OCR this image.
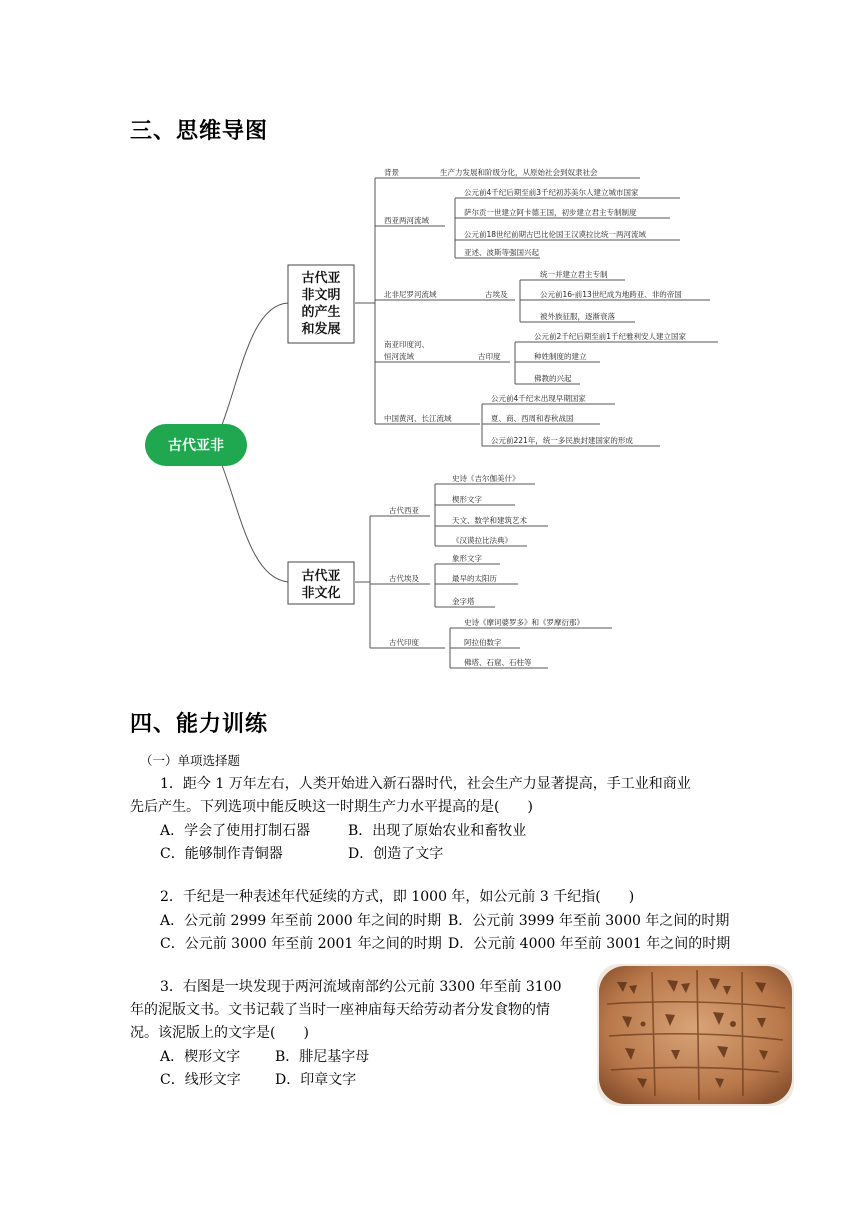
三、思维导图
古代亚非
古代亚
非文明
的产生
和发展
古代亚
非文化
背景	生产力发展和阶级分化，从原始社会到奴隶社会
西亚两河流域
公元前4千纪后期至前3千纪初苏美尔人建立城市国家
萨尔贡一世建立阿卡德王国，初步建立君主专制制度
公元前18世纪前期古巴比伦国王汉谟拉比统一两河流域
亚述、波斯等强国兴起
北非尼罗河流域	古埃及
统一并建立君主专制
公元前16-前13世纪成为地跨亚、非的帝国
被外族征服，逐渐衰落
南亚印度河、
恒河流域	古印度
公元前2千纪后期至前1千纪雅利安人建立国家
种姓制度的建立
佛教的兴起
中国黄河、长江流域
公元前4千纪末出现早期国家
夏、商、西周和春秋战国
公元前221年，统一多民族封建国家的形成
古代西亚
史诗《吉尔伽美什》
楔形文字
天文、数学和建筑艺术
《汉谟拉比法典》
古代埃及
象形文字
最早的太阳历
金字塔
古代印度
史诗《摩诃婆罗多》和《罗摩衍那》
阿拉伯数字
佛塔、石窟、石柱等
四、能力训练
（一）单项选择题
1．距今 1 万年左右，人类开始进入新石器时代，社会生产力显著提高，手工业和商业
先后产生。下列选项中能反映这一时期生产力水平提高的是(　　)
A．学会了使用打制石器	B．出现了原始农业和畜牧业
C．能够制作青铜器	D．创造了文字
2．千纪是一种表述年代延续的方式，即 1000 年，如公元前 3 千纪指(　　)
A．公元前 2999 年至前 2000 年之间的时期 B．公元前 3999 年至前 3000 年之间的时期
C．公元前 3000 年至前 2001 年之间的时期 D．公元前 4000 年至前 3001 年之间的时期
3．右图是一块发现于两河流域南部约公元前 3300 年至前 3100
年的泥版文书。文书记载了当时一座神庙每天给劳动者分发食物的情
况。该泥版上的文字是(　　)
A．楔形文字 B．腓尼基字母
C．线形文字 D．印章文字
